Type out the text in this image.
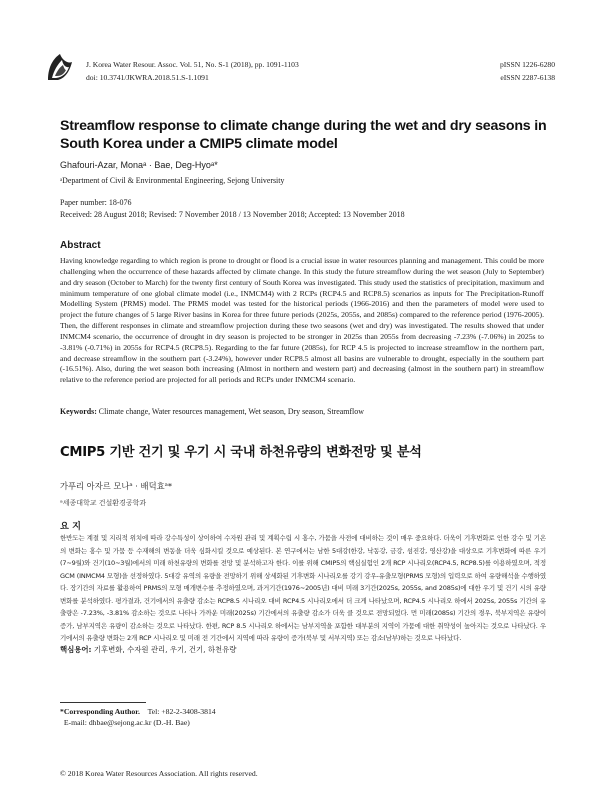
J. Korea Water Resour. Assoc. Vol. 51, No. S-1 (2018), pp. 1091-1103
doi: 10.3741/JKWRA.2018.51.S-1.1091
pISSN 1226-6280
eISSN 2287-6138
Streamflow response to climate change during the wet and dry seasons in South Korea under a CMIP5 climate model
Ghafouri-Azar, Monaᵃ · Bae, Deg-Hyoᵃ*
ᵃDepartment of Civil & Environmental Engineering, Sejong University
Paper number: 18-076
Received: 28 August 2018; Revised: 7 November 2018 / 13 November 2018; Accepted: 13 November 2018
Abstract

Having knowledge regarding to which region is prone to drought or flood is a crucial issue in water resources planning and management. This could be more challenging when the occurrence of these hazards affected by climate change. In this study the future streamflow during the wet season (July to September) and dry season (October to March) for the twenty first century of South Korea was investigated. This study used the statistics of precipitation, maximum and minimum temperature of one global climate model (i.e., INMCM4) with 2 RCPs (RCP4.5 and RCP8.5) scenarios as inputs for The Precipitation-Runoff Modelling System (PRMS) model. The PRMS model was tested for the historical periods (1966-2016) and then the parameters of model were used to project the future changes of 5 large River basins in Korea for three future periods (2025s, 2055s, and 2085s) compared to the reference period (1976-2005). Then, the different responses in climate and streamflow projection during these two seasons (wet and dry) was investigated. The results showed that under INMCM4 scenario, the occurrence of drought in dry season is projected to be stronger in 2025s than 2055s from decreasing -7.23% (-7.06%) in 2025s to -3.81% (-0.71%) in 2055s for RCP4.5 (RCP8.5). Regarding to the far future (2085s), for RCP 4.5 is projected to increase streamflow in the northern part, and decrease streamflow in the southern part (-3.24%), however under RCP8.5 almost all basins are vulnerable to drought, especially in the southern part (-16.51%). Also, during the wet season both increasing (Almost in northern and western part) and decreasing (almost in the southern part) in streamflow relative to the reference period are projected for all periods and RCPs under INMCM4 scenario.

Keywords: Climate change, Water resources management, Wet season, Dry season, Streamflow
CMIP5 기반 건기 및 우기 시 국내 하천유량의 변화전망 및 분석
가푸리 아자르 모나ᵃ · 배덕효ᵃ*
ᵃ세종대학교 건설환경공학과
요 지
한반도는 계절 및 지리적 위치에 따라 강수특성이 상이하여 수자원 관리 및 계획수립 시 홍수, 가뭄을 사전에 대비하는 것이 매우 중요하다. 더욱이 기후변화로 인한 강수 및 기온의 변화는 홍수 및 가뭄 등 수재해의 변동을 더욱 심화시킬 것으로 예상된다. 본 연구에서는 남한 5대강(한강, 낙동강, 금강, 섬진강, 영산강)을 대상으로 기후변화에 따른 우기(7∼9월)와 건기(10∼3월)에서의 미래 하천유량의 변화를 전망 및 분석하고자 한다. 이를 위해 CMIP5의 핵심실험인 2개 RCP 시나리오(RCP4.5, RCP8.5)를 이용하였으며, 적정 GCM (INMCM4 모형)을 선정하였다. 5대강 유역의 유량을 전망하기 위해 상세화된 기후변화 시나리오를 강기 강우-유출모형(PRMS 모형)의 입력으로 하여 유량해석을 수행하였다. 장기간의 자료를 활용하여 PRMS의 모형 매개변수를 추정하였으며, 과거기간(1976∼2005년) 대비 미래 3기간(2025s, 2055s, and 2085s)에 대한 우기 및 건기 시의 유량변화를 분석하였다. 평가결과, 건기에서의 유출량 감소는 RCP8.5 시나리오 대비 RCP4.5 시나리오에서 더 크게 나타났으며, RCP4.5 시나리오 하에서 2025s, 2055s 기간의 유출량은 -7.23%, -3.81% 감소하는 것으로 나타나 가까운 미래(2025s) 기간에서의 유출량 감소가 더욱 클 것으로 전망되었다. 먼 미래(2085s) 기간의 경우, 북부지역은 유량이 증가, 남부지역은 유량이 감소하는 것으로 나타났다. 한편, RCP 8.5 시나리오 하에서는 남부지역을 포함한 대부분의 지역이 가뭄에 대한 취약성이 높아지는 것으로 나타났다. 우기에서의 유출량 변화는 2개 RCP 시나리오 및 미래 전 기간에서 지역에 따라 유량이 증가(북부 및 서부지역) 또는 감소(남부)하는 것으로 나타났다.
핵심용어: 기후변화, 수자원 관리, 우기, 건기, 하천유량
*Corresponding Author. Tel: +82-2-3408-3814
E-mail: dhbae@sejong.ac.kr (D.-H. Bae)
© 2018 Korea Water Resources Association. All rights reserved.
